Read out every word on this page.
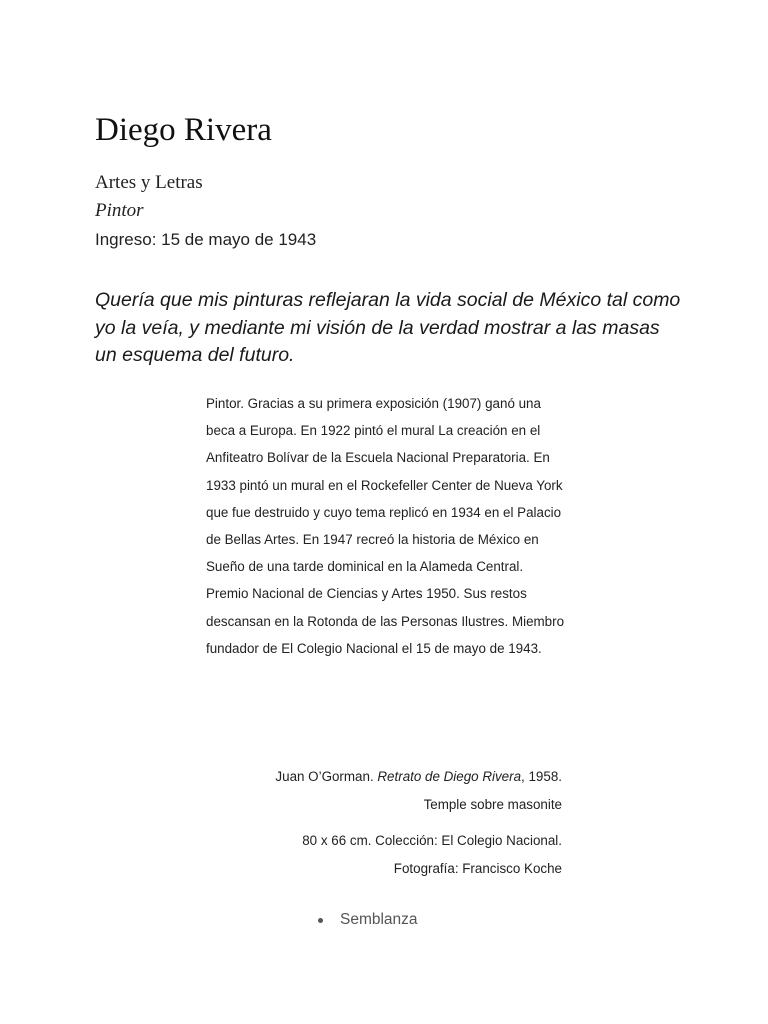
Diego Rivera
Artes y Letras
Pintor
Ingreso: 15 de mayo de 1943

Quería que mis pinturas reflejaran la vida social de México tal como yo la veía, y mediante mi visión de la verdad mostrar a las masas un esquema del futuro.

Pintor. Gracias a su primera exposición (1907) ganó una beca a Europa. En 1922 pintó el mural La creación en el Anfiteatro Bolívar de la Escuela Nacional Preparatoria. En 1933 pintó un mural en el Rockefeller Center de Nueva York que fue destruido y cuyo tema replicó en 1934 en el Palacio de Bellas Artes. En 1947 recreó la historia de México en Sueño de una tarde dominical en la Alameda Central. Premio Nacional de Ciencias y Artes 1950. Sus restos descansan en la Rotonda de las Personas Ilustres. Miembro fundador de El Colegio Nacional el 15 de mayo de 1943.

Juan O’Gorman. Retrato de Diego Rivera, 1958.
Temple sobre masonite

80 x 66 cm. Colección: El Colegio Nacional.
Fotografía: Francisco Koche

Semblanza
